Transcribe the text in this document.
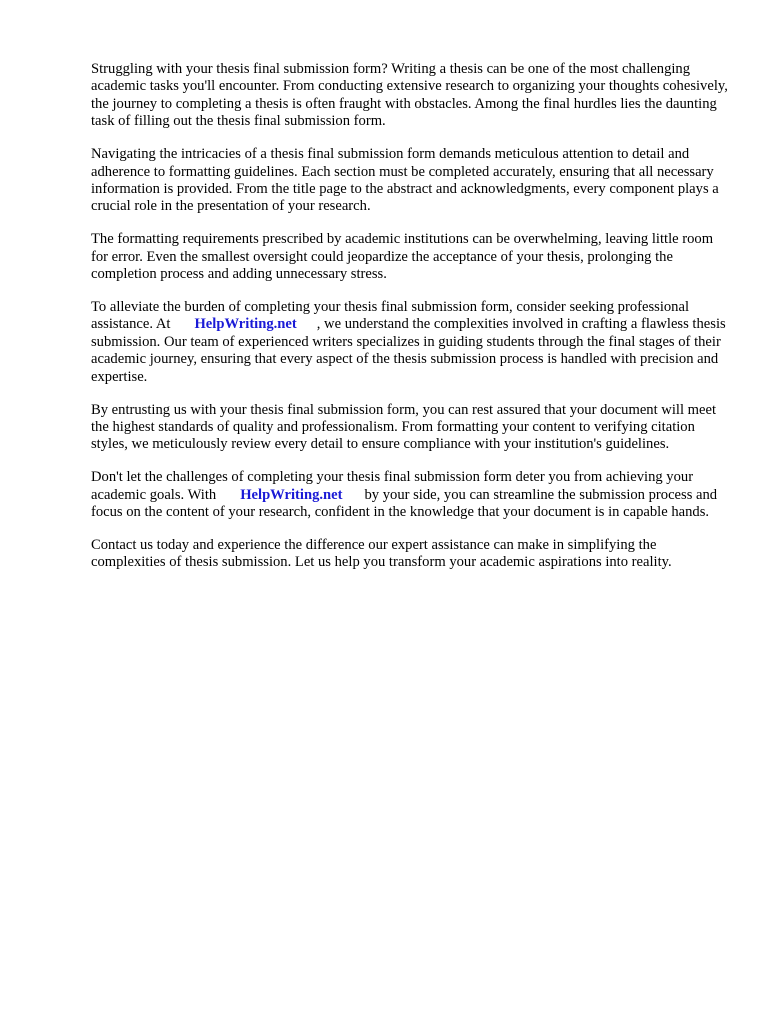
Struggling with your thesis final submission form? Writing a thesis can be one of the most challenging academic tasks you'll encounter. From conducting extensive research to organizing your thoughts cohesively, the journey to completing a thesis is often fraught with obstacles. Among the final hurdles lies the daunting task of filling out the thesis final submission form.

Navigating the intricacies of a thesis final submission form demands meticulous attention to detail and adherence to formatting guidelines. Each section must be completed accurately, ensuring that all necessary information is provided. From the title page to the abstract and acknowledgments, every component plays a crucial role in the presentation of your research.

The formatting requirements prescribed by academic institutions can be overwhelming, leaving little room for error. Even the smallest oversight could jeopardize the acceptance of your thesis, prolonging the completion process and adding unnecessary stress.

To alleviate the burden of completing your thesis final submission form, consider seeking professional assistance. At HelpWriting.net , we understand the complexities involved in crafting a flawless thesis submission. Our team of experienced writers specializes in guiding students through the final stages of their academic journey, ensuring that every aspect of the thesis submission process is handled with precision and expertise.

By entrusting us with your thesis final submission form, you can rest assured that your document will meet the highest standards of quality and professionalism. From formatting your content to verifying citation styles, we meticulously review every detail to ensure compliance with your institution's guidelines.

Don't let the challenges of completing your thesis final submission form deter you from achieving your academic goals. With HelpWriting.net by your side, you can streamline the submission process and focus on the content of your research, confident in the knowledge that your document is in capable hands.

Contact us today and experience the difference our expert assistance can make in simplifying the complexities of thesis submission. Let us help you transform your academic aspirations into reality.
